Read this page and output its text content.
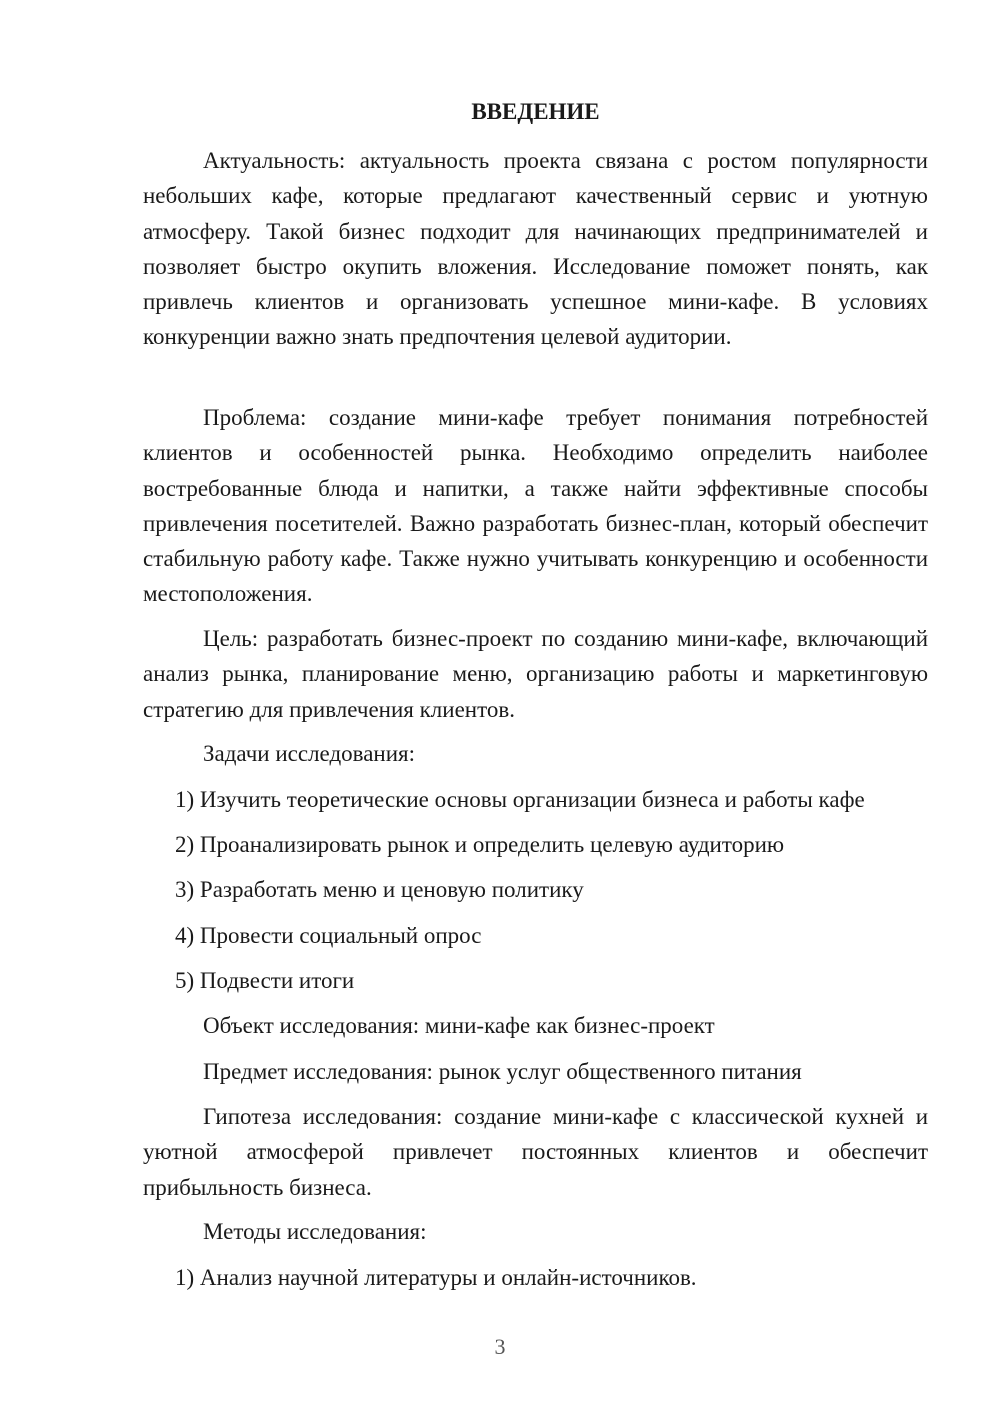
ВВЕДЕНИЕ

Актуальность: актуальность проекта связана с ростом популярности небольших кафе, которые предлагают качественный сервис и уютную атмосферу. Такой бизнес подходит для начинающих предпринимателей и позволяет быстро окупить вложения. Исследование поможет понять, как привлечь клиентов и организовать успешное мини-кафе. В условиях конкуренции важно знать предпочтения целевой аудитории.

Проблема: создание мини-кафе требует понимания потребностей клиентов и особенностей рынка. Необходимо определить наиболее востребованные блюда и напитки, а также найти эффективные способы привлечения посетителей. Важно разработать бизнес-план, который обеспечит стабильную работу кафе. Также нужно учитывать конкуренцию и особенности местоположения.

Цель: разработать бизнес-проект по созданию мини-кафе, включающий анализ рынка, планирование меню, организацию работы и маркетинговую стратегию для привлечения клиентов.

Задачи исследования:

1) Изучить теоретические основы организации бизнеса и работы кафе

2) Проанализировать рынок и определить целевую аудиторию

3) Разработать меню и ценовую политику

4) Провести социальный опрос

5) Подвести итоги

Объект исследования: мини-кафе как бизнес-проект

Предмет исследования: рынок услуг общественного питания

Гипотеза исследования: создание мини-кафе с классической кухней и уютной атмосферой привлечет постоянных клиентов и обеспечит прибыльность бизнеса.

Методы исследования:

1) Анализ научной литературы и онлайн-источников.

3
